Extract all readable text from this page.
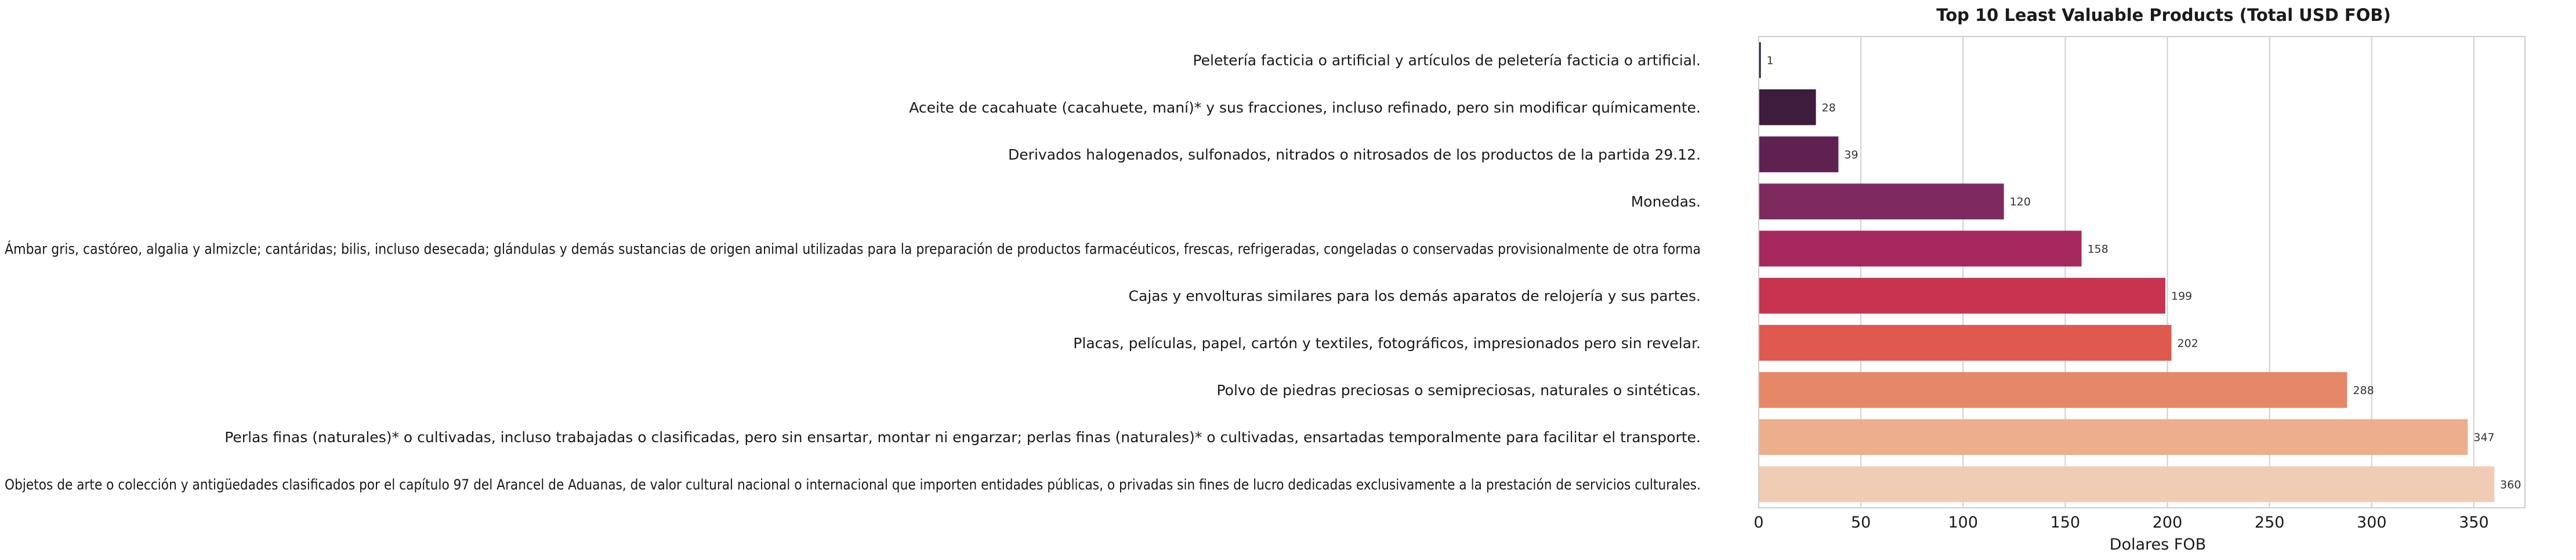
Peletería facticia o artificial y artículos de peletería facticia o artificial.
Aceite de cacahuate (cacahuete, maní)* y sus fracciones, incluso refinado, pero sin modificar químicamente.
Derivados halogenados, sulfonados, nitrados o nitrosados de los productos de la partida 29.12.
Monedas.
Ámbar gris, castóreo, algalia y almizcle; cantáridas; bilis, incluso desecada; glándulas y demás sustancias de origen animal utilizadas para la preparación de productos farmacéuticos, frescas, refrigeradas, congeladas o conservadas provisionalmente de otra forma
Cajas y envolturas similares para los demás aparatos de relojería y sus partes.
Placas, películas, papel, cartón y textiles, fotográficos, impresionados pero sin revelar.
Polvo de piedras preciosas o semipreciosas, naturales o sintéticas.
Perlas finas (naturales)* o cultivadas, incluso trabajadas o clasificadas, pero sin ensartar, montar ni engarzar; perlas finas (naturales)* o cultivadas, ensartadas temporalmente para facilitar el transporte.
Objetos de arte o colección y antigüedades clasificados por el capítulo 97 del Arancel de Aduanas, de valor cultural nacional o internacional que importen entidades públicas, o privadas sin fines de lucro dedicadas exclusivamente a la prestación de servicios culturales.
1
28
39
120
158
199
202
288
347
360
0	50	100	150	200	250	300	350
Top 10 Least Valuable Products (Total USD FOB)
Dolares FOB
